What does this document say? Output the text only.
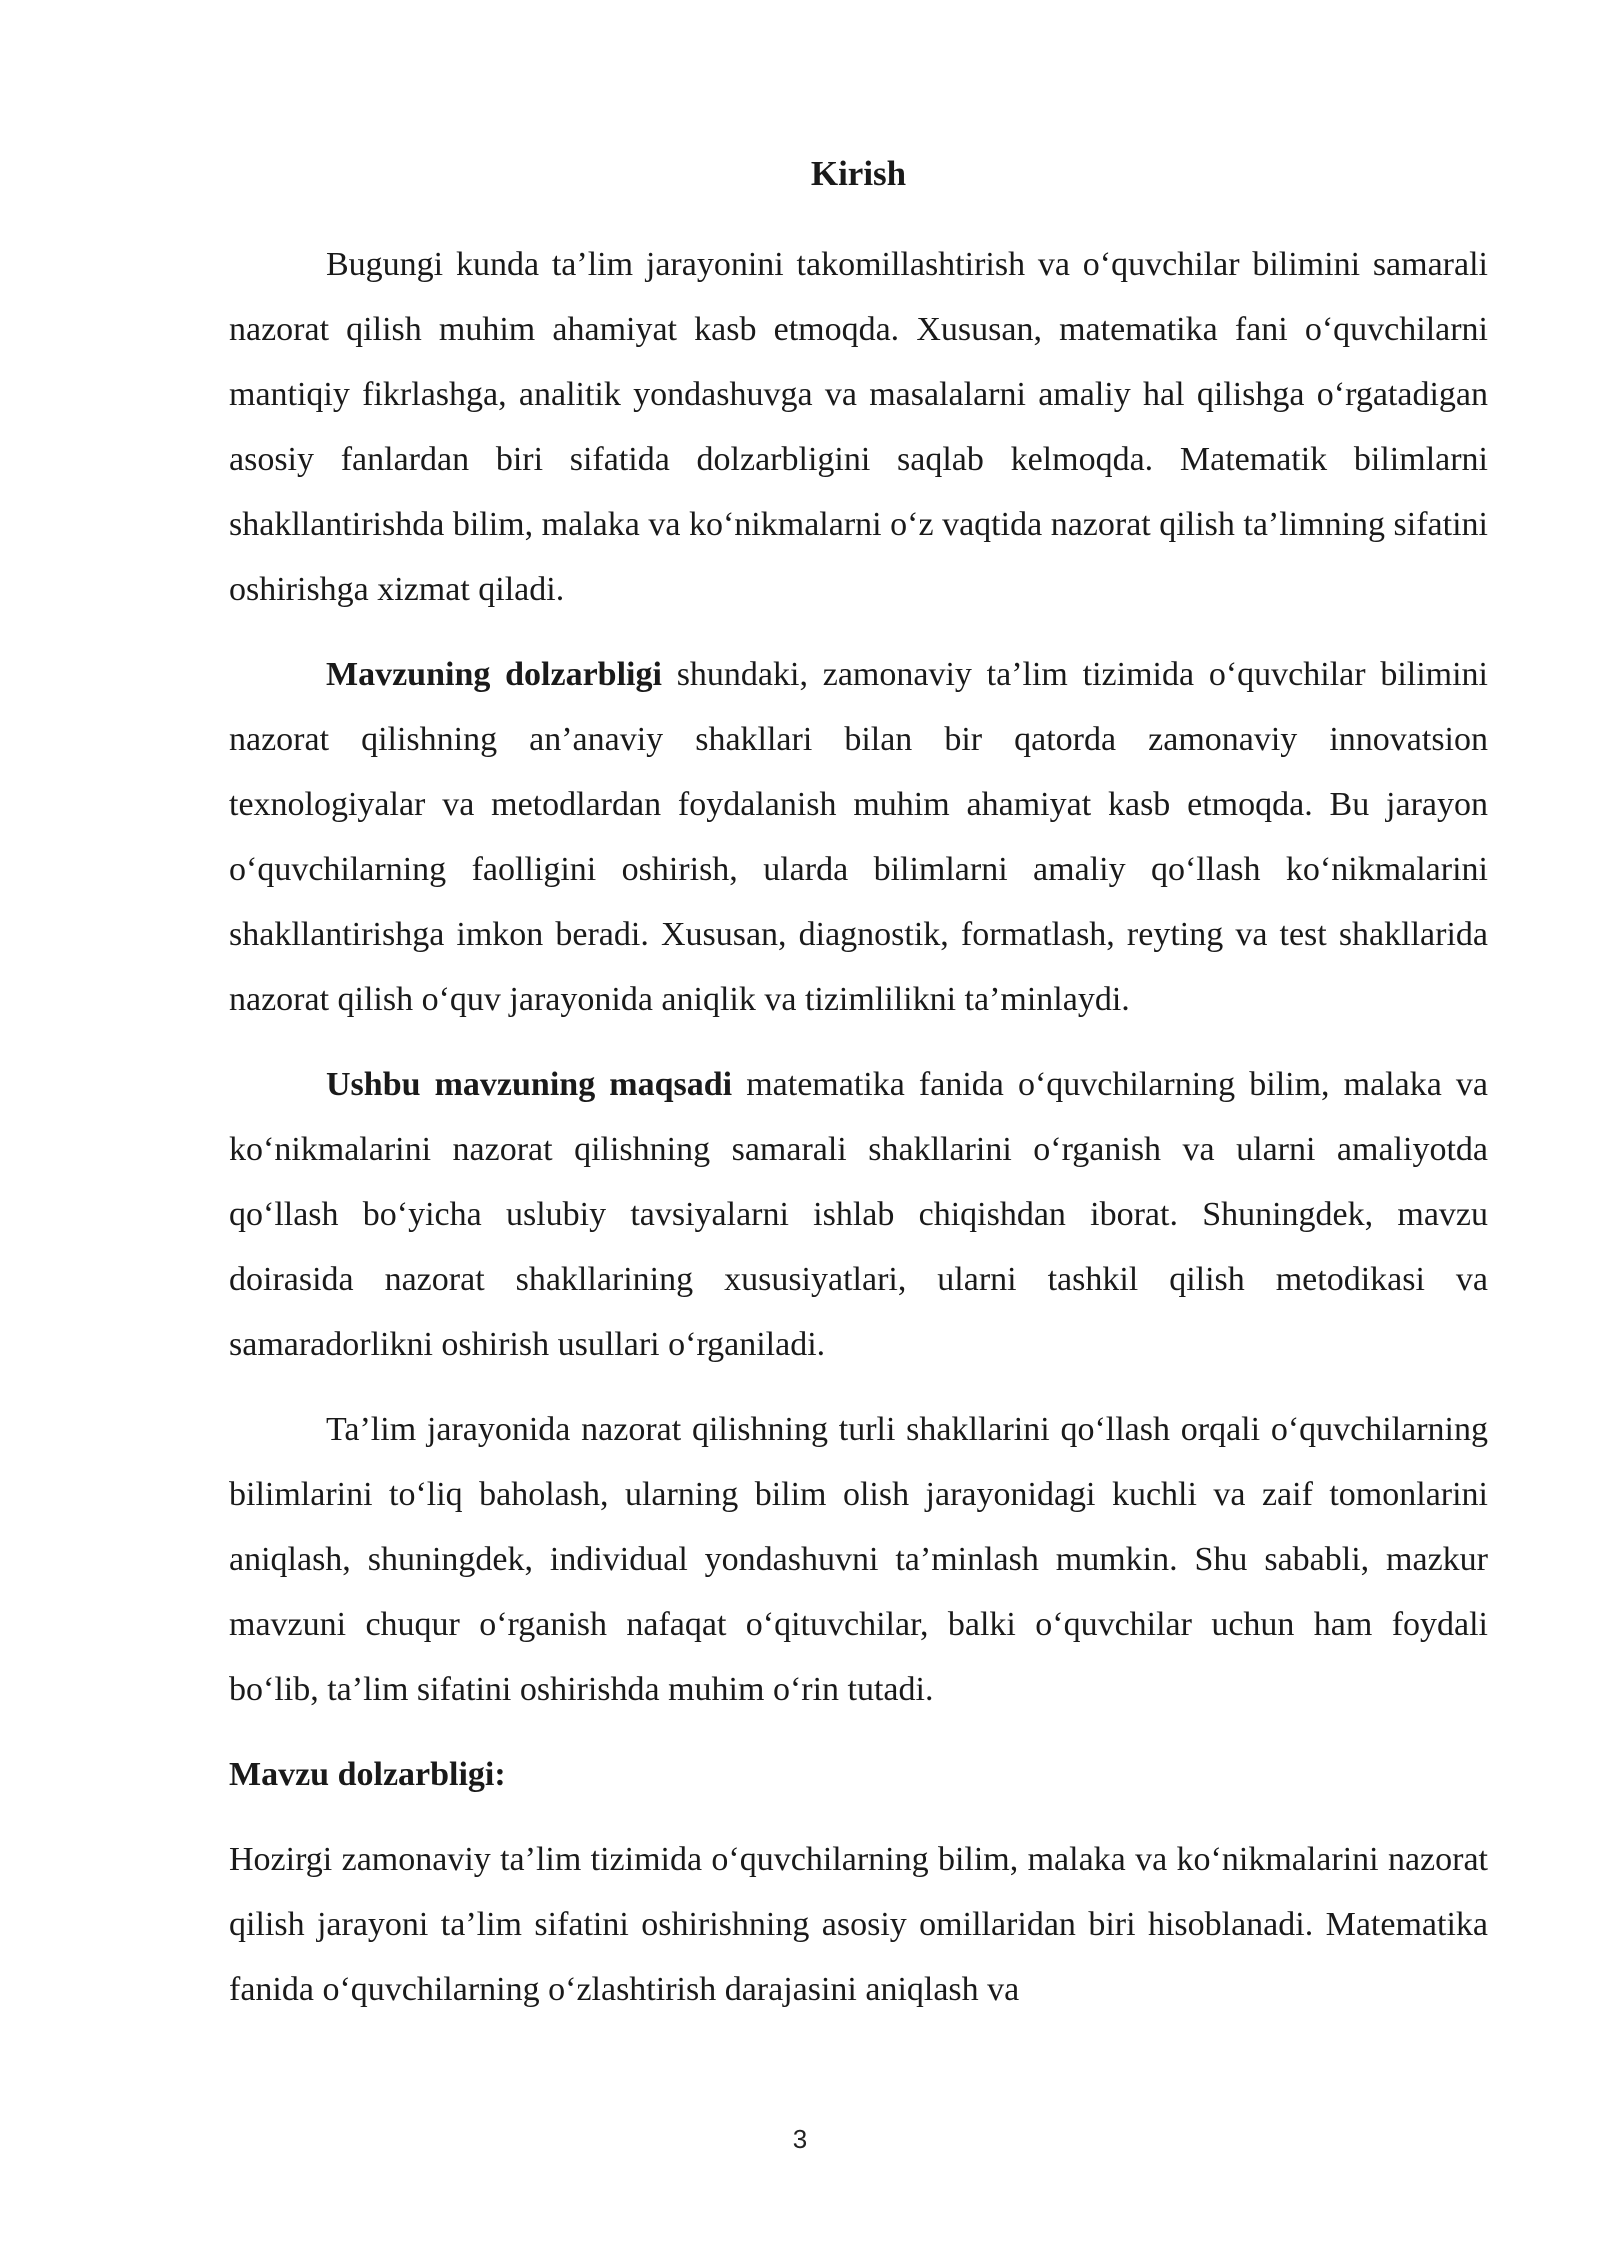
Kirish

Bugungi kunda ta’lim jarayonini takomillashtirish va o‘quvchilar bilimini samarali nazorat qilish muhim ahamiyat kasb etmoqda. Xususan, matematika fani o‘quvchilarni mantiqiy fikrlashga, analitik yondashuvga va masalalarni amaliy hal qilishga o‘rgatadigan asosiy fanlardan biri sifatida dolzarbligini saqlab kelmoqda. Matematik bilimlarni shakllantirishda bilim, malaka va ko‘nikmalarni o‘z vaqtida nazorat qilish ta’limning sifatini oshirishga xizmat qiladi.

Mavzuning dolzarbligi shundaki, zamonaviy ta’lim tizimida o‘quvchilar bilimini nazorat qilishning an’anaviy shakllari bilan bir qatorda zamonaviy innovatsion texnologiyalar va metodlardan foydalanish muhim ahamiyat kasb etmoqda. Bu jarayon o‘quvchilarning faolligini oshirish, ularda bilimlarni amaliy qo‘llash ko‘nikmalarini shakllantirishga imkon beradi. Xususan, diagnostik, formatlash, reyting va test shakllarida nazorat qilish o‘quv jarayonida aniqlik va tizimlilikni ta’minlaydi.

Ushbu mavzuning maqsadi matematika fanida o‘quvchilarning bilim, malaka va ko‘nikmalarini nazorat qilishning samarali shakllarini o‘rganish va ularni amaliyotda qo‘llash bo‘yicha uslubiy tavsiyalarni ishlab chiqishdan iborat. Shuningdek, mavzu doirasida nazorat shakllarining xususiyatlari, ularni tashkil qilish metodikasi va samaradorlikni oshirish usullari o‘rganiladi.

Ta’lim jarayonida nazorat qilishning turli shakllarini qo‘llash orqali o‘quvchilarning bilimlarini to‘liq baholash, ularning bilim olish jarayonidagi kuchli va zaif tomonlarini aniqlash, shuningdek, individual yondashuvni ta’minlash mumkin. Shu sababli, mazkur mavzuni chuqur o‘rganish nafaqat o‘qituvchilar, balki o‘quvchilar uchun ham foydali bo‘lib, ta’lim sifatini oshirishda muhim o‘rin tutadi.

Mavzu dolzarbligi:

Hozirgi zamonaviy ta’lim tizimida o‘quvchilarning bilim, malaka va ko‘nikmalarini nazorat qilish jarayoni ta’lim sifatini oshirishning asosiy omillaridan biri hisoblanadi. Matematika fanida o‘quvchilarning o‘zlashtirish darajasini aniqlash va

3
